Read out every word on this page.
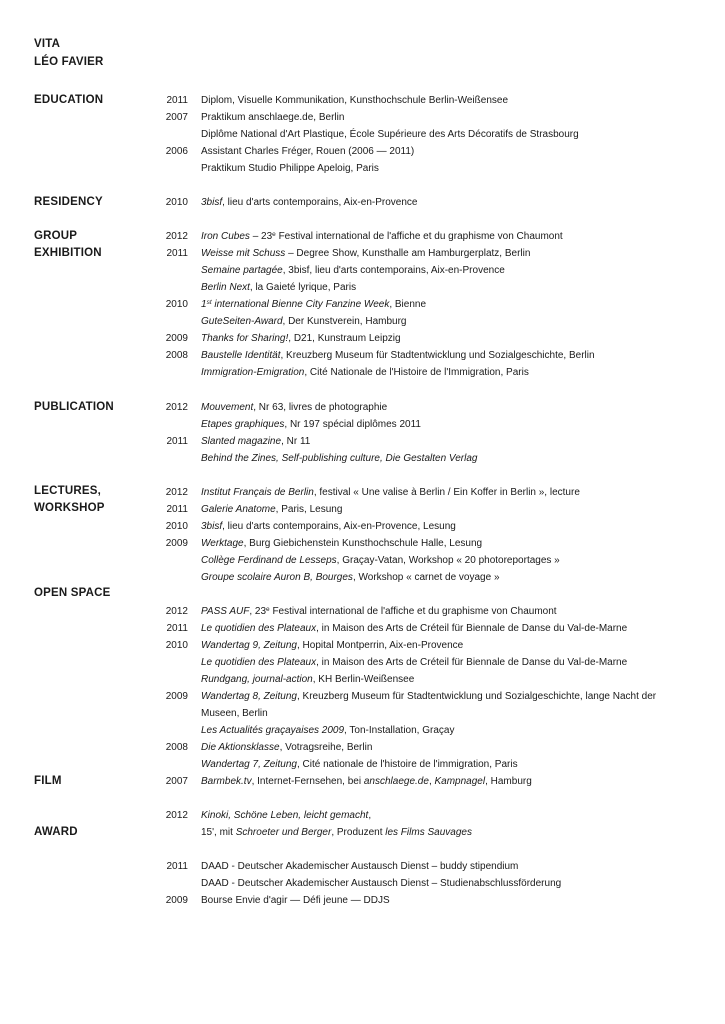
VITA
LÉO FAVIER
EDUCATION
RESIDENCY
GROUP
EXHIBITION
PUBLICATION
LECTURES,
WORKSHOP
OPEN SPACE
FILM
AWARD
2011 Diplom, Visuelle Kommunikation, Kunsthochschule Berlin-Weißensee
2007 Praktikum anschlaege.de, Berlin
Diplôme National d'Art Plastique, École Supérieure des Arts Décoratifs de Strasbourg
2006 Assistant Charles Fréger, Rouen (2006 — 2011)
Praktikum Studio Philippe Apeloig, Paris
2010 3bisf, lieu d'arts contemporains, Aix-en-Provence
2012 Iron Cubes – 23e Festival international de l'affiche et du graphisme von Chaumont
2011 Weisse mit Schuss – Degree Show, Kunsthalle am Hamburgerplatz, Berlin
Semaine partagée, 3bisf, lieu d'arts contemporains, Aix-en-Provence
Berlin Next, la Gaieté lyrique, Paris
2010 1st international Bienne City Fanzine Week, Bienne
GuteSeiten-Award, Der Kunstverein, Hamburg
2009 Thanks for Sharing!, D21, Kunstraum Leipzig
2008 Baustelle Identität, Kreuzberg Museum für Stadtentwicklung und Sozialgeschichte, Berlin
Immigration-Emigration, Cité Nationale de l'Histoire de l'Immigration, Paris
2012 Mouvement, Nr 63, livres de photographie
Etapes graphiques, Nr 197 spécial diplômes 2011
2011 Slanted magazine, Nr 11
Behind the Zines, Self-publishing culture, Die Gestalten Verlag
2012 Institut Français de Berlin, festival « Une valise à Berlin / Ein Koffer in Berlin », lecture
2011 Galerie Anatome, Paris, Lesung
2010 3bisf, lieu d'arts contemporains, Aix-en-Provence, Lesung
2009 Werktage, Burg Giebichenstein Kunsthochschule Halle, Lesung
Collège Ferdinand de Lesseps, Graçay-Vatan, Workshop « 20 photoreportages »
Groupe scolaire Auron B, Bourges, Workshop « carnet de voyage »
2012 PASS AUF, 23e Festival international de l'affiche et du graphisme von Chaumont
2011 Le quotidien des Plateaux, in Maison des Arts de Créteil für Biennale de Danse du Val-de-Marne
2010 Wandertag 9, Zeitung, Hopital Montperrin, Aix-en-Provence
Le quotidien des Plateaux, in Maison des Arts de Créteil für Biennale de Danse du Val-de-Marne
Rundgang, journal-action, KH Berlin-Weißensee
2009 Wandertag 8, Zeitung, Kreuzberg Museum für Stadtentwicklung und Sozialgeschichte, lange Nacht der
Museen, Berlin
Les Actualités graçayaises 2009, Ton-Installation, Graçay
2008 Die Aktionsklasse, Votragsreihe, Berlin
Wandertag 7, Zeitung, Cité nationale de l'histoire de l'immigration, Paris
2007 Barmbek.tv, Internet-Fernsehen, bei anschlaege.de, Kampnagel, Hamburg
2012 Kinoki, Schöne Leben, leicht gemacht,
15', mit Schroeter und Berger, Produzent les Films Sauvages
2011 DAAD - Deutscher Akademischer Austausch Dienst – buddy stipendium
DAAD - Deutscher Akademischer Austausch Dienst – Studienabschlussförderung
2009 Bourse Envie d'agir — Défi jeune — DDJS
